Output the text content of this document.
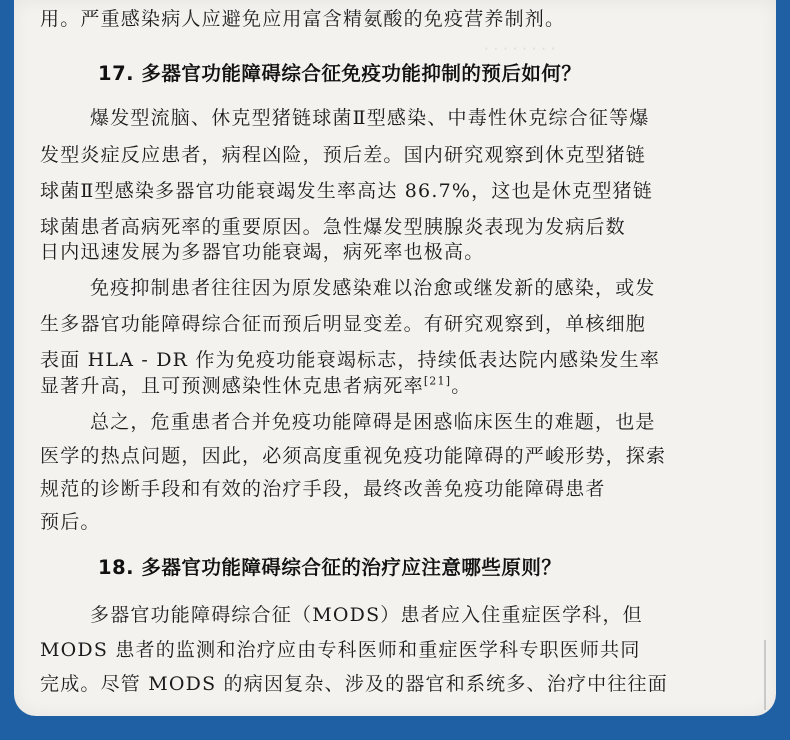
· · · · · · · ·
用。严重感染病人应避免应用富含精氨酸的免疫营养制剂。
17. 多器官功能障碍综合征免疫功能抑制的预后如何？
爆发型流脑、休克型猪链球菌Ⅱ型感染、中毒性休克综合征等爆
发型炎症反应患者，病程凶险，预后差。国内研究观察到休克型猪链
球菌Ⅱ型感染多器官功能衰竭发生率高达 86.7%，这也是休克型猪链
球菌患者高病死率的重要原因。急性爆发型胰腺炎表现为发病后数
日内迅速发展为多器官功能衰竭，病死率也极高。
免疫抑制患者往往因为原发感染难以治愈或继发新的感染，或发
生多器官功能障碍综合征而预后明显变差。有研究观察到，单核细胞
表面 HLA - DR 作为免疫功能衰竭标志，持续低表达院内感染发生率
显著升高，且可预测感染性休克患者病死率[21]。
总之，危重患者合并免疫功能障碍是困惑临床医生的难题，也是
医学的热点问题，因此，必须高度重视免疫功能障碍的严峻形势，探索
规范的诊断手段和有效的治疗手段，最终改善免疫功能障碍患者
预后。
18. 多器官功能障碍综合征的治疗应注意哪些原则？
多器官功能障碍综合征（MODS）患者应入住重症医学科，但
MODS 患者的监测和治疗应由专科医师和重症医学科专职医师共同
完成。尽管 MODS 的病因复杂、涉及的器官和系统多、治疗中往往面
